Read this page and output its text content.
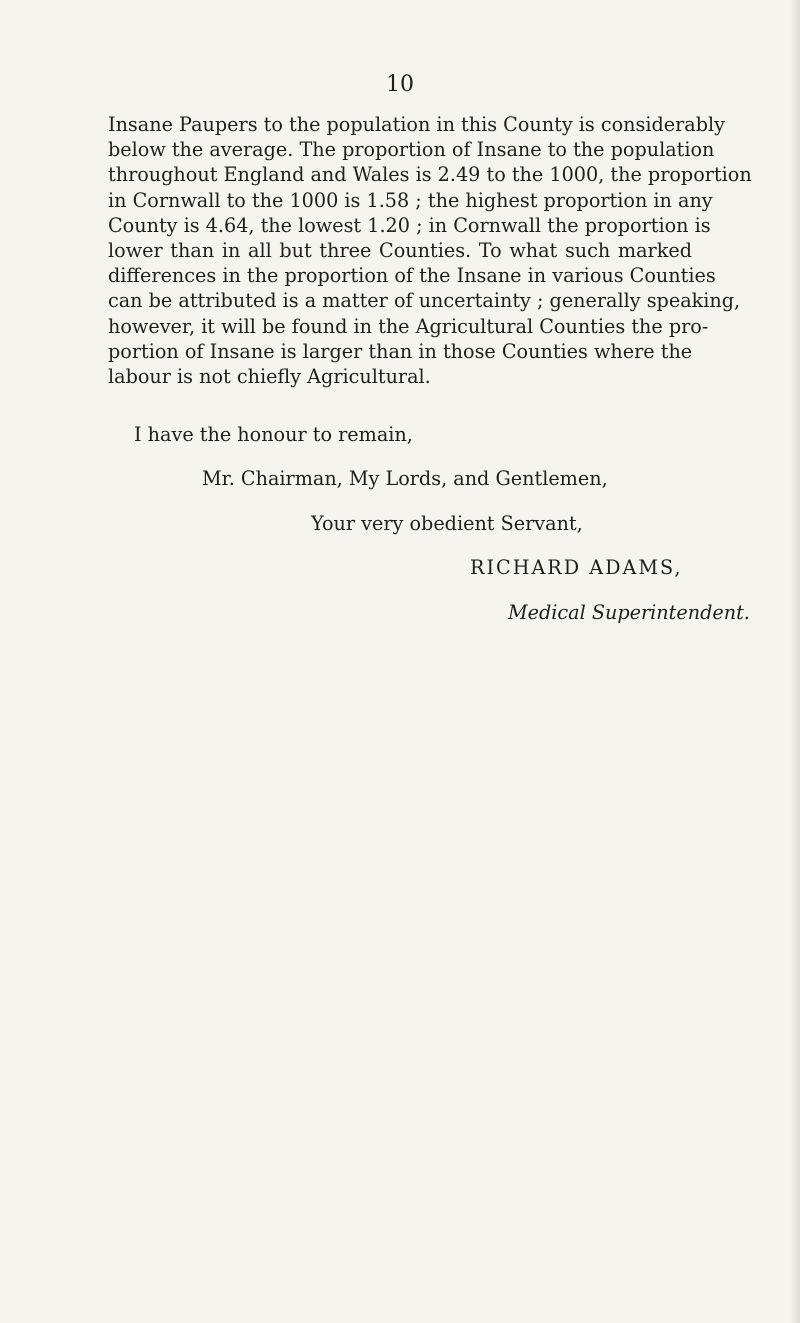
10

Insane Paupers to the population in this County is considerably
below the average. The proportion of Insane to the population
throughout England and Wales is 2.49 to the 1000, the proportion
in Cornwall to the 1000 is 1.58 ; the highest proportion in any
County is 4.64, the lowest 1.20 ; in Cornwall the proportion is
lower than in all but three Counties. To what such marked
differences in the proportion of the Insane in various Counties
can be attributed is a matter of uncertainty ; generally speaking,
however, it will be found in the Agricultural Counties the pro-
portion of Insane is larger than in those Counties where the
labour is not chiefly Agricultural.

I have the honour to remain,

Mr. Chairman, My Lords, and Gentlemen,

Your very obedient Servant,

RICHARD ADAMS,
Medical Superintendent.
